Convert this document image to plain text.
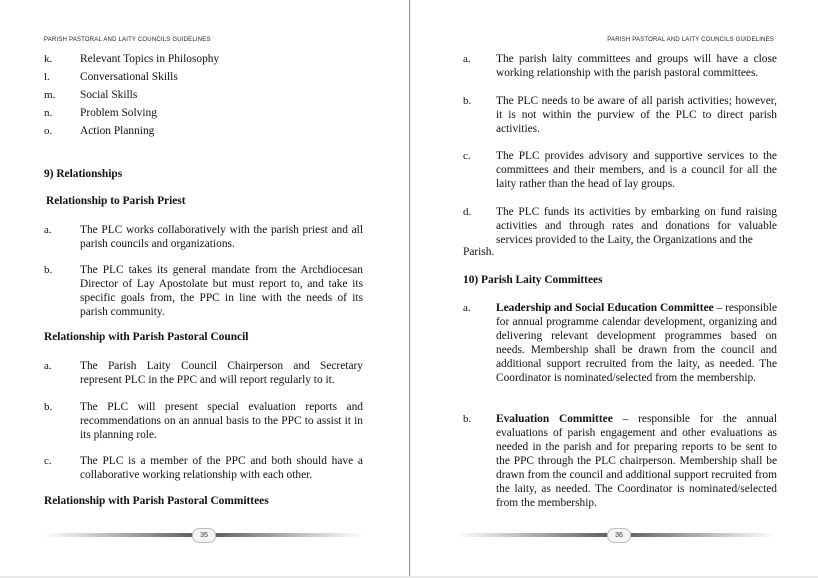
PARISH PASTORAL AND LAITY COUNCILS GUIDELINES
k.	Relevant Topics in Philosophy
l.	Conversational Skills
m.	Social Skills
n.	Problem Solving
o.	Action Planning
9) Relationships
Relationship to Parish Priest
a.	The PLC works collaboratively with the parish priest and all parish councils and organizations.
b.	The PLC takes its general mandate from the Archdiocesan Director of Lay Apostolate but must report to, and take its specific goals from, the PPC in line with the needs of its parish community.
Relationship with Parish Pastoral Council
a.	The Parish Laity Council Chairperson and Secretary represent PLC in the PPC and will report regularly to it.
b.	The PLC will present special evaluation reports and recommendations on an annual basis to the PPC to assist it in its planning role.
c.	The PLC is a member of the PPC and both should have a collaborative working relationship with each other.
Relationship with Parish Pastoral Committees
35
PARISH PASTORAL AND LAITY COUNCILS GUIDELINES
a.	The parish laity committees and groups will have a close working relationship with the parish pastoral committees.
b.	The PLC needs to be aware of all parish activities; however, it is not within the purview of the PLC to direct parish activities.
c.	The PLC provides advisory and supportive services to the committees and their members, and is a council for all the laity rather than the head of lay groups.
d.	The PLC funds its activities by embarking on fund raising activities and through rates and donations for valuable services provided to the Laity, the Organizations and the
Parish.
10) Parish Laity Committees
a.	Leadership and Social Education Committee – responsible for annual programme calendar development, organizing and delivering relevant development programmes based on needs. Membership shall be drawn from the council and additional support recruited from the laity, as needed. The Coordinator is nominated/selected from the membership.
b.	Evaluation Committee – responsible for the annual evaluations of parish engagement and other evaluations as needed in the parish and for preparing reports to be sent to the PPC through the PLC chairperson. Membership shall be drawn from the council and additional support recruited from the laity, as needed. The Coordinator is nominated/selected from the membership.
36
